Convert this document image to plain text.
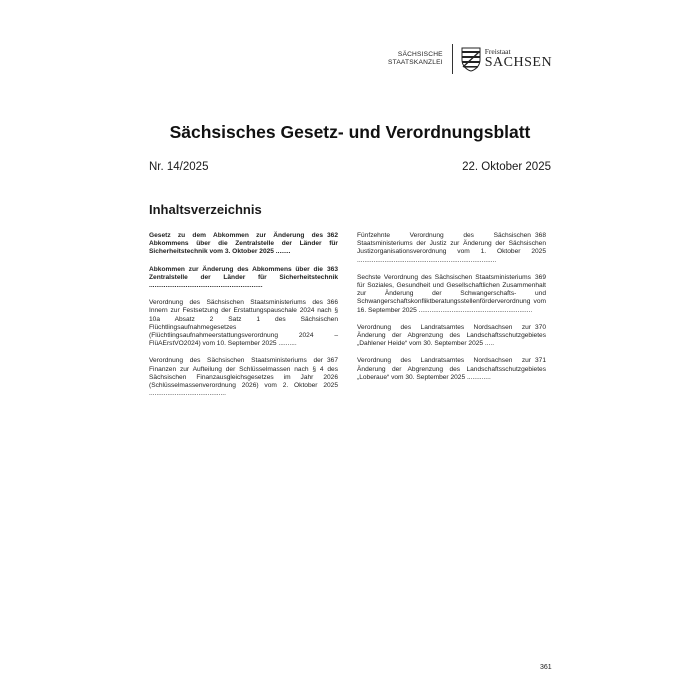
SÄCHSISCHE
STAATSKANZLEI
Freistaat
SACHSEN
Sächsisches Gesetz- und Verordnungsblatt
Nr. 14/2025	22. Oktober 2025
Inhaltsverzeichnis
362
Gesetz zu dem Abkommen zur Änderung des Abkommens über die Zentralstelle der Länder für Sicherheitstechnik vom 3. Oktober 2025 ........
363
Abkommen zur Änderung des Abkommens über die Zentralstelle der Länder für Sicherheitstechnik ..............................................................
366
Verordnung des Sächsischen Staatsministeriums des Innern zur Festsetzung der Erstattungspauschale 2024 nach § 10a Absatz 2 Satz 1 des Sächsischen Flüchtlingsaufnahmegesetzes (Flüchtlingsaufnahmeerstattungsverordnung 2024 – FlüAErstVO2024) vom 10. September 2025 ..........
367
Verordnung des Sächsischen Staatsministeriums der Finanzen zur Aufteilung der Schlüsselmassen nach § 4 des Sächsischen Finanzausgleichsgesetzes im Jahr 2026 (Schlüsselmassenverordnung 2026) vom 2. Oktober 2025 ..........................................
368
Fünfzehnte Verordnung des Sächsischen Staatsministeriums der Justiz zur Änderung der Sächsischen Justizorganisationsverordnung vom 1. Oktober 2025 ............................................................................
369
Sechste Verordnung des Sächsischen Staatsministeriums für Soziales, Gesundheit und Gesellschaftlichen Zusammenhalt zur Änderung der Schwangerschafts- und Schwangerschaftskonfliktberatungsstellenförderverordnung vom 16. September 2025 ..............................................................
370
Verordnung des Landratsamtes Nordsachsen zur Änderung der Abgrenzung des Landschaftsschutzgebietes „Dahlener Heide“ vom 30. September 2025 .....
371
Verordnung des Landratsamtes Nordsachsen zur Änderung der Abgrenzung des Landschaftsschutzgebietes „Loberaue“ vom 30. September 2025 .............
361
